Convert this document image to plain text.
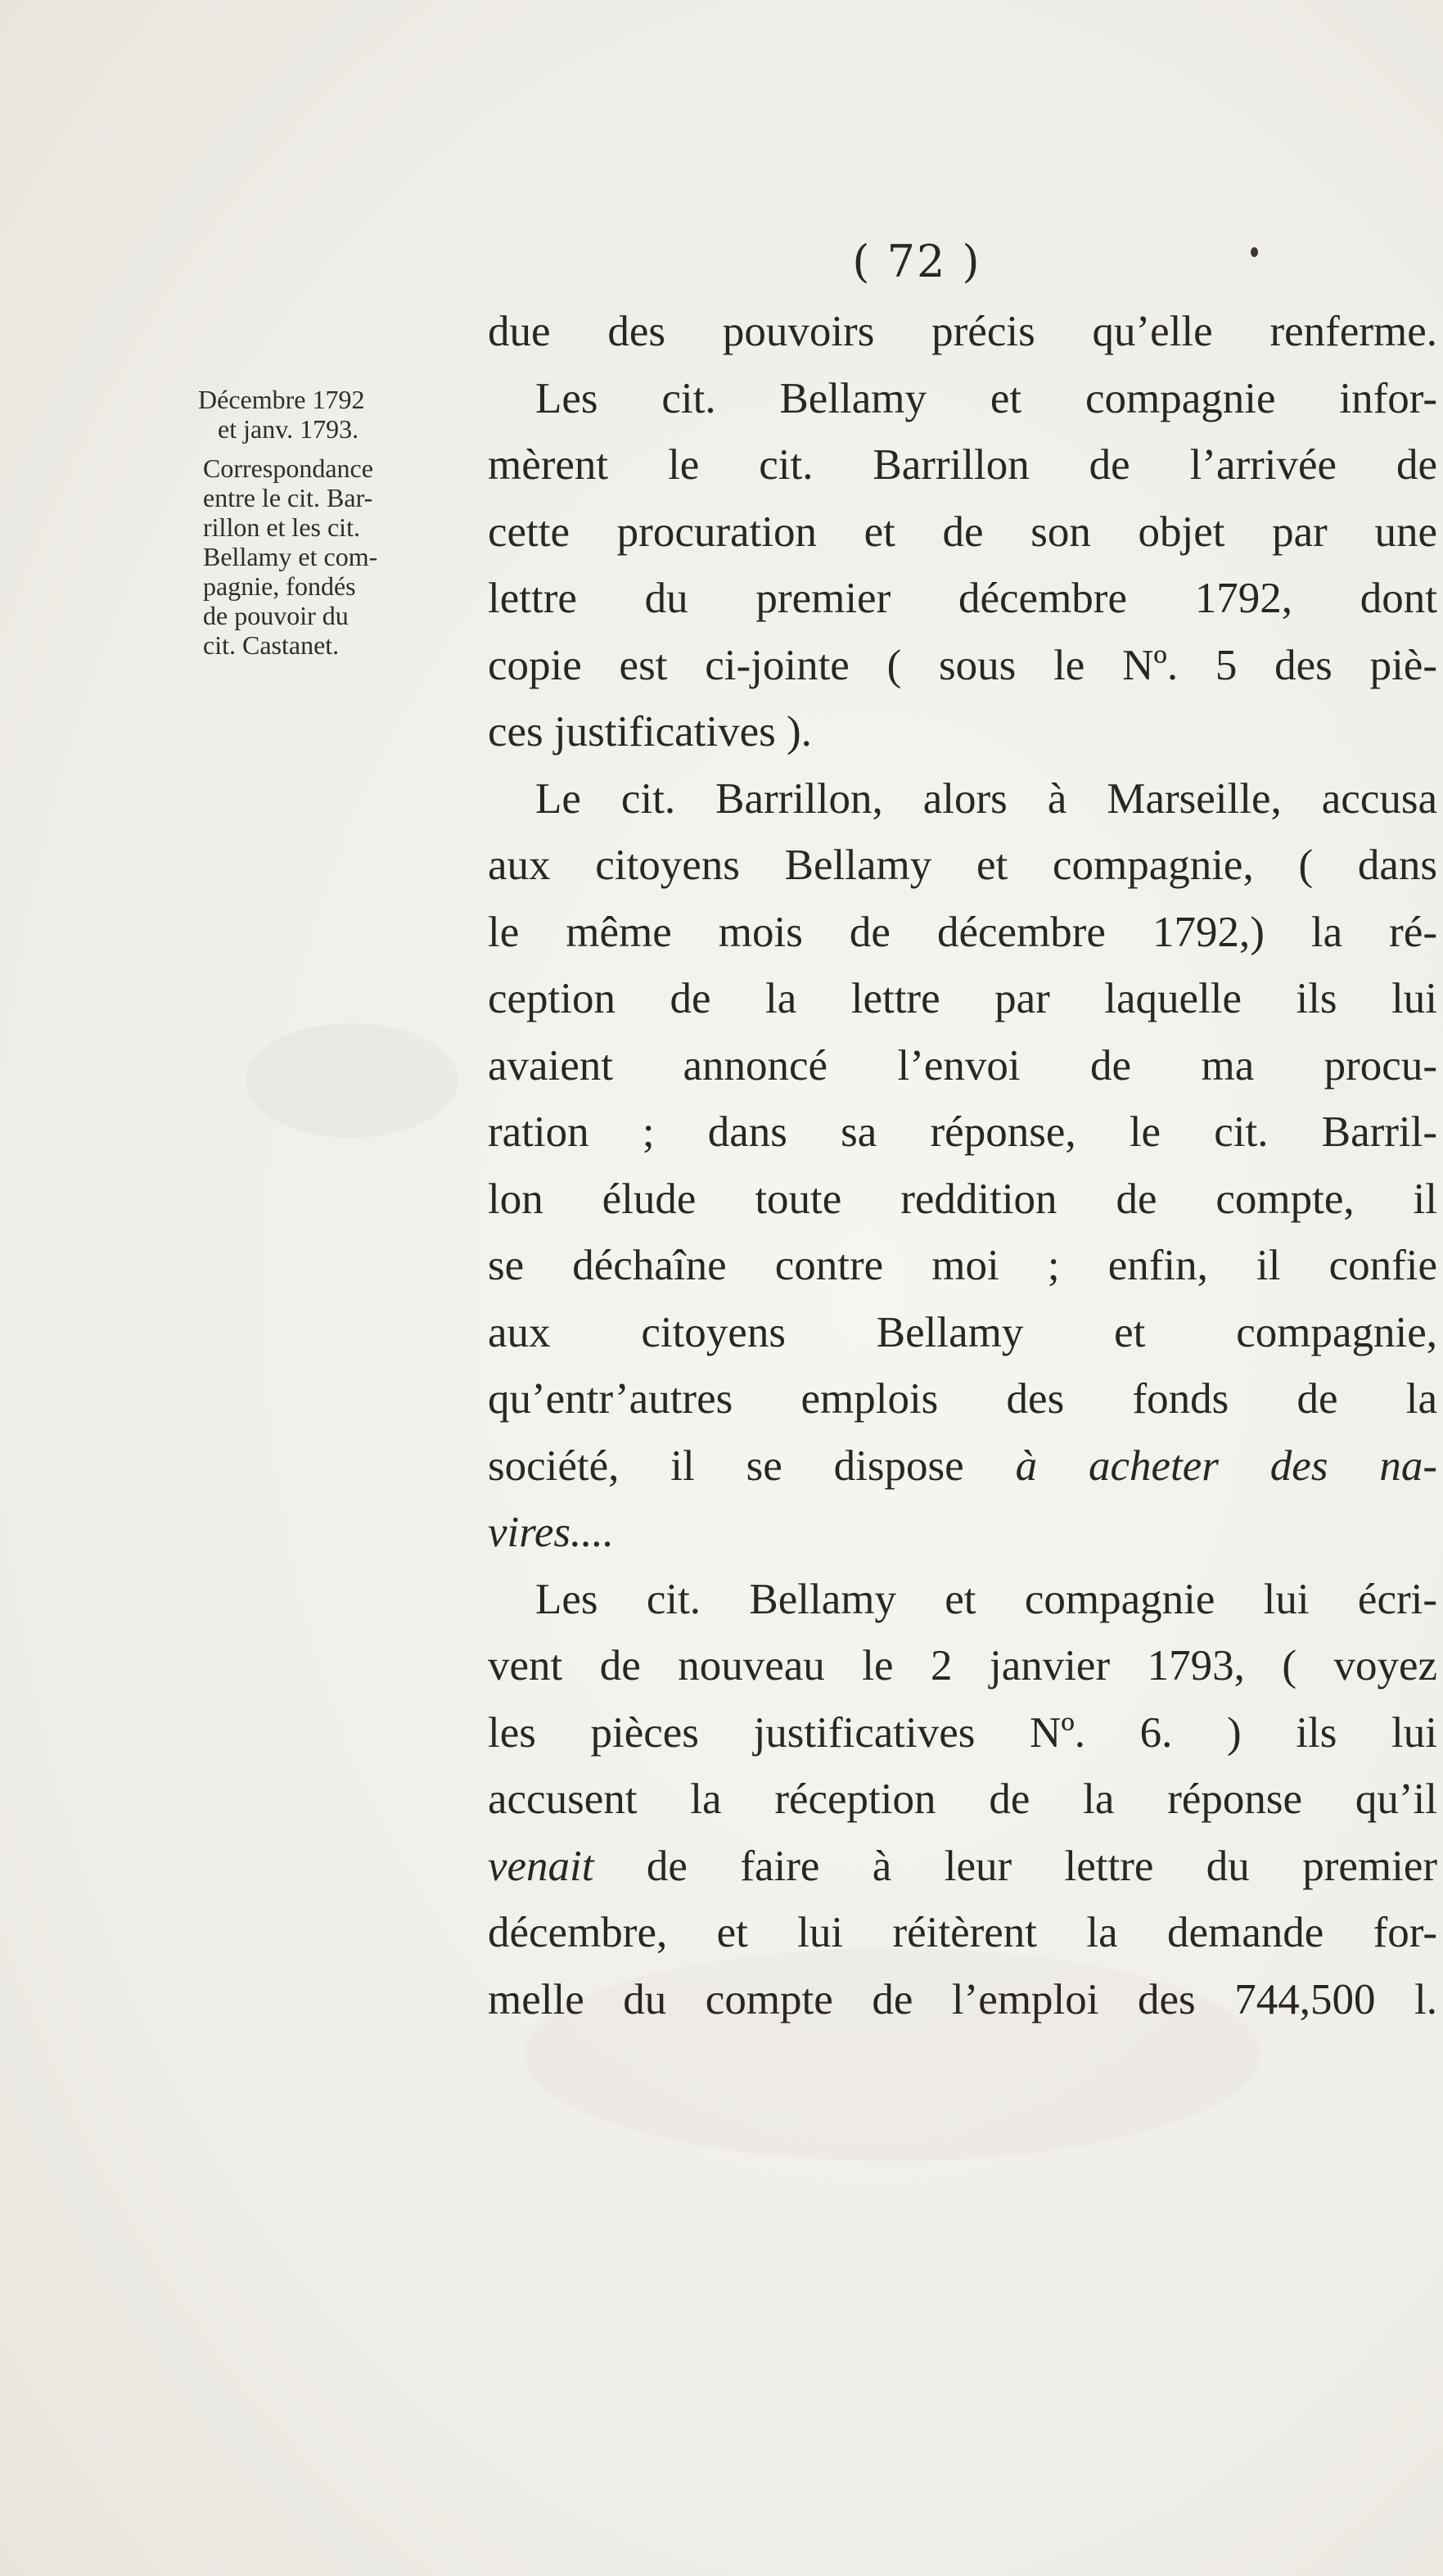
( 72 )
Décembre 1792
et janv. 1793.
Correspondance
entre le cit. Bar-
rillon et les cit.
Bellamy et com-
pagnie, fondés
de pouvoir du
cit. Castanet.
due des pouvoirs précis qu’elle renferme.
Les cit. Bellamy et compagnie infor-
mèrent le cit. Barrillon de l’arrivée de
cette procuration et de son objet par une
lettre du premier décembre 1792, dont
copie est ci-jointe ( sous le Nº. 5 des piè-
ces justificatives ).
Le cit. Barrillon, alors à Marseille, accusa
aux citoyens Bellamy et compagnie, ( dans
le même mois de décembre 1792,) la ré-
ception de la lettre par laquelle ils lui
avaient annoncé l’envoi de ma procu-
ration ; dans sa réponse, le cit. Barril-
lon élude toute reddition de compte, il
se déchaîne contre moi ; enfin, il confie
aux citoyens Bellamy et compagnie,
qu’entr’autres emplois des fonds de la
société, il se dispose à acheter des na-
vires....
Les cit. Bellamy et compagnie lui écri-
vent de nouveau le 2 janvier 1793, ( voyez
les pièces justificatives Nº. 6. ) ils lui
accusent la réception de la réponse qu’il
venait de faire à leur lettre du premier
décembre, et lui réitèrent la demande for-
melle du compte de l’emploi des 744,500 l.
